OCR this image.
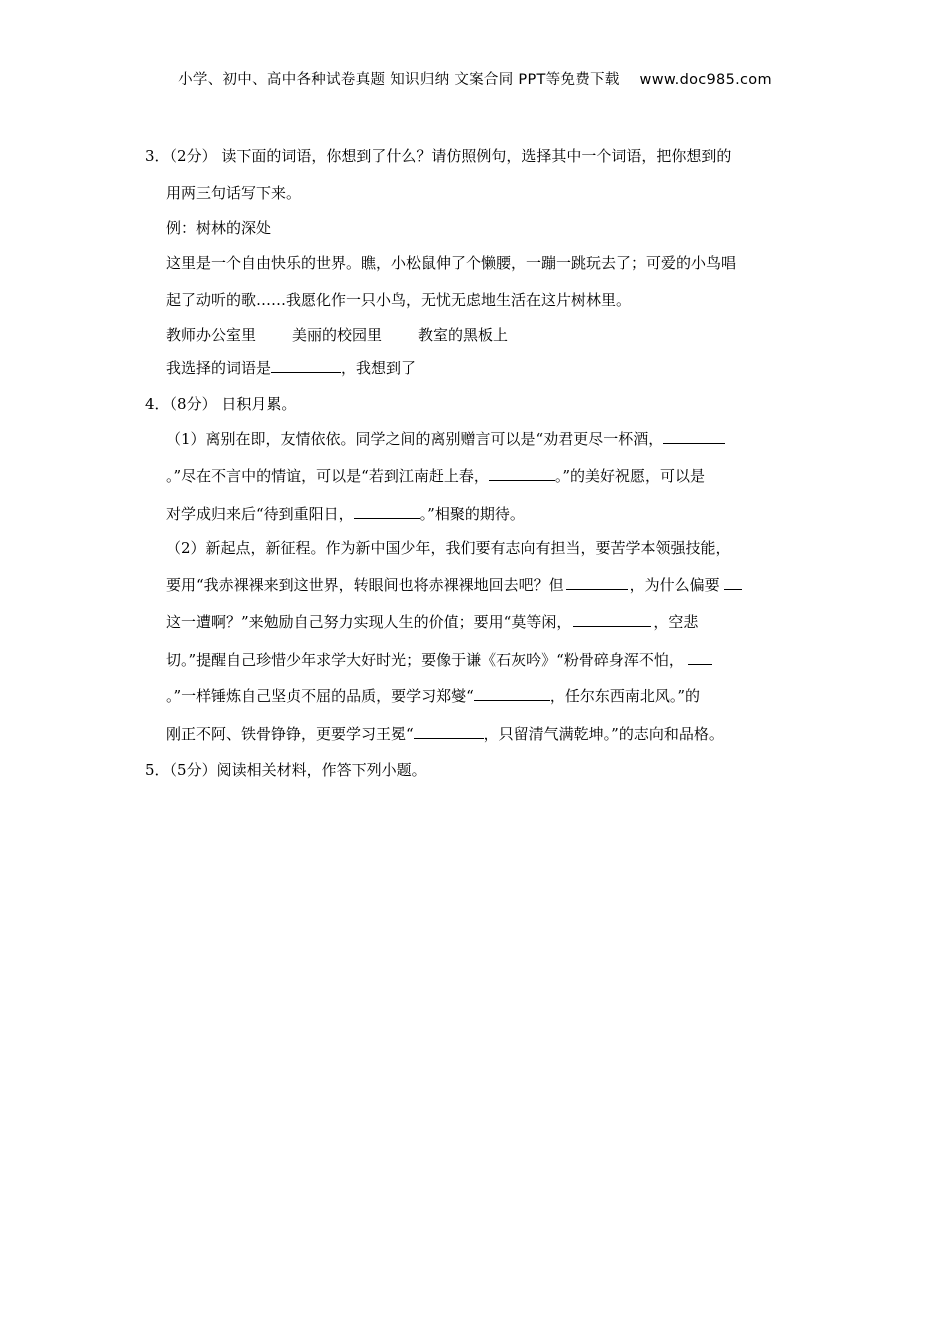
小学、初中、高中各种试卷真题 知识归纳 文案合同 PPT等免费下载 www.doc985.com
3．（2分） 读下面的词语，你想到了什么？请仿照例句，选择其中一个词语，把你想到的
用两三句话写下来。
例：树林的深处
这里是一个自由快乐的世界。瞧，小松鼠伸了个懒腰，一蹦一跳玩去了；可爱的小鸟唱
起了动听的歌……我愿化作一只小鸟，无忧无虑地生活在这片树林里。
教师办公室里 美丽的校园里 教室的黑板上
我选择的词语是	，我想到了
4．（8分） 日积月累。
（1）离别在即，友情依依。同学之间的离别赠言可以是“劝君更尽一杯酒，
。”尽在不言中的情谊，可以是“若到江南赶上春，	。”的美好祝愿，可以是
对学成归来后“待到重阳日，	。”相聚的期待。
（2）新起点，新征程。作为新中国少年，我们要有志向有担当，要苦学本领强技能，
要用“我赤裸裸来到这世界，转眼间也将赤裸裸地回去吧？但	，为什么偏要
这一遭啊？”来勉励自己努力实现人生的价值；要用“莫等闲，	，空悲
切。”提醒自己珍惜少年求学大好时光；要像于谦《石灰吟》“粉骨碎身浑不怕，
。”一样锤炼自己坚贞不屈的品质，要学习郑燮“	，任尔东西南北风。”的
刚正不阿、铁骨铮铮，更要学习王冕“	，只留清气满乾坤。”的志向和品格。
5．（5分）阅读相关材料，作答下列小题。
